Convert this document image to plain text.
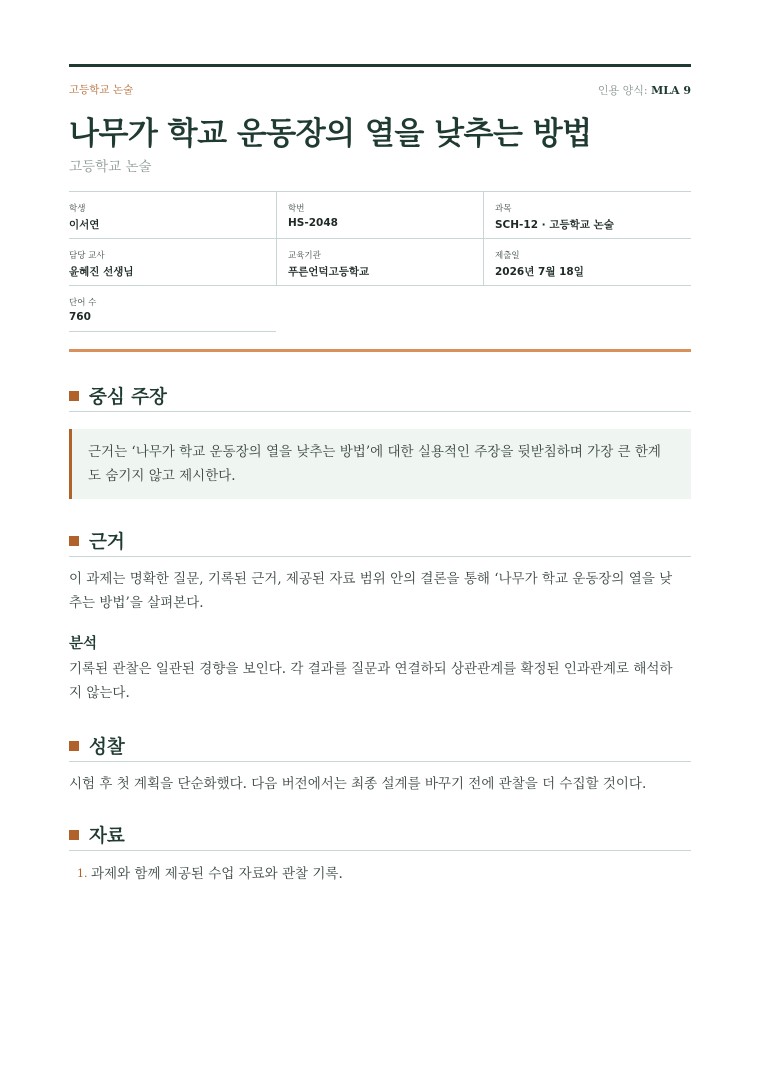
고등학교 논술	인용 양식: MLA 9
나무가 학교 운동장의 열을 낮추는 방법
고등학교 논술
학생
이서연
학번
HS-2048
과목
SCH-12 · 고등학교 논술
담당 교사
윤혜진 선생님
교육기관
푸른언덕고등학교
제출일
2026년 7월 18일
단어 수
760
중심 주장

근거는 ‘나무가 학교 운동장의 열을 낮추는 방법’에 대한 실용적인 주장을 뒷받침하며 가장 큰 한계

도 숨기지 않고 제시한다.

근거

이 과제는 명확한 질문, 기록된 근거, 제공된 자료 범위 안의 결론을 통해 ‘나무가 학교 운동장의 열을 낮

추는 방법’을 살펴본다.

분석

기록된 관찰은 일관된 경향을 보인다. 각 결과를 질문과 연결하되 상관관계를 확정된 인과관계로 해석하

지 않는다.

성찰

시험 후 첫 계획을 단순화했다. 다음 버전에서는 최종 설계를 바꾸기 전에 관찰을 더 수집할 것이다.

자료
1. 과제와 함께 제공된 수업 자료와 관찰 기록.
